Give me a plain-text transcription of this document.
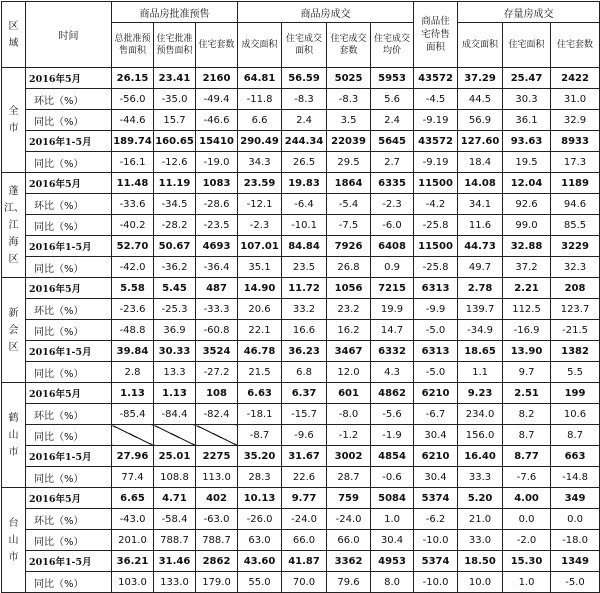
区域	时间	商品房批准预售			商品房成交				商品住宅待售面积	存量房成交		
		总批准预售面积	住宅批准预售面积	住宅套数	成交面积	住宅成交面积	住宅成交套数	住宅成交均价		成交面积	住宅面积	住宅套数
全市	2016年5月	26.15	23.41	2160	64.81	56.59	5025	5953	43572	37.29	25.47	2422
	环比（%）	-56.0	-35.0	-49.4	-11.8	-8.3	-8.3	5.6	-4.5	44.5	30.3	31.0
	同比（%）	-44.6	15.7	-46.6	6.6	2.4	3.5	2.4	-9.19	56.9	36.1	32.9
	2016年1-5月	189.74	160.65	15410	290.49	244.34	22039	5645	43572	127.60	93.63	8933
	同比（%）	-16.1	-12.6	-19.0	34.3	26.5	29.5	2.7	-9.19	18.4	19.5	17.3
蓬江、江海区	2016年5月	11.48	11.19	1083	23.59	19.83	1864	6335	11500	14.08	12.04	1189
	环比（%）	-33.6	-34.5	-28.6	-12.1	-6.4	-5.4	-2.3	-4.2	34.1	92.6	94.6
	同比（%）	-40.2	-28.2	-23.5	-2.3	-10.1	-7.5	-6.0	-25.8	11.6	99.0	85.5
	2016年1-5月	52.70	50.67	4693	107.01	84.84	7926	6408	11500	44.73	32.88	3229
	同比（%）	-42.0	-36.2	-36.4	35.1	23.5	26.8	0.9	-25.8	49.7	37.2	32.3
新会区	2016年5月	5.58	5.45	487	14.90	11.72	1056	7215	6313	2.78	2.21	208
	环比（%）	-23.6	-25.3	-33.3	20.6	33.2	23.2	19.9	-9.9	139.7	112.5	123.7
	同比（%）	-48.8	36.9	-60.8	22.1	16.6	16.2	14.7	-5.0	-34.9	-16.9	-21.5
	2016年1-5月	39.84	30.33	3524	46.78	36.23	3467	6332	6313	18.65	13.90	1382
	同比（%）	2.8	13.3	-27.2	21.5	6.8	12.0	4.3	-5.0	1.1	9.7	5.5
鹤山市	2016年5月	1.13	1.13	108	6.63	6.37	601	4862	6210	9.23	2.51	199
	环比（%）	-85.4	-84.4	-82.4	-18.1	-15.7	-8.0	-5.6	-6.7	234.0	8.2	10.6
	同比（%）				-8.7	-9.6	-1.2	-1.9	30.4	156.0	8.7	8.7
	2016年1-5月	27.96	25.01	2275	35.20	31.67	3002	4854	6210	16.40	8.77	663
	同比（%）	77.4	108.8	113.0	28.3	22.6	28.7	-0.6	30.4	33.3	-7.6	-14.8
台山市	2016年5月	6.65	4.71	402	10.13	9.77	759	5084	5374	5.20	4.00	349
	环比（%）	-43.0	-58.4	-63.0	-26.0	-24.0	-24.0	1.0	-6.2	21.0	0.0	0.0
	同比（%）	201.0	788.7	788.7	63.0	66.0	66.0	30.4	-10.0	33.0	-2.0	-18.0
	2016年1-5月	36.21	31.46	2862	43.60	41.87	3362	4953	5374	18.50	15.30	1349
	同比（%）	103.0	133.0	179.0	55.0	70.0	79.6	8.0	-10.0	10.0	1.0	-5.0
